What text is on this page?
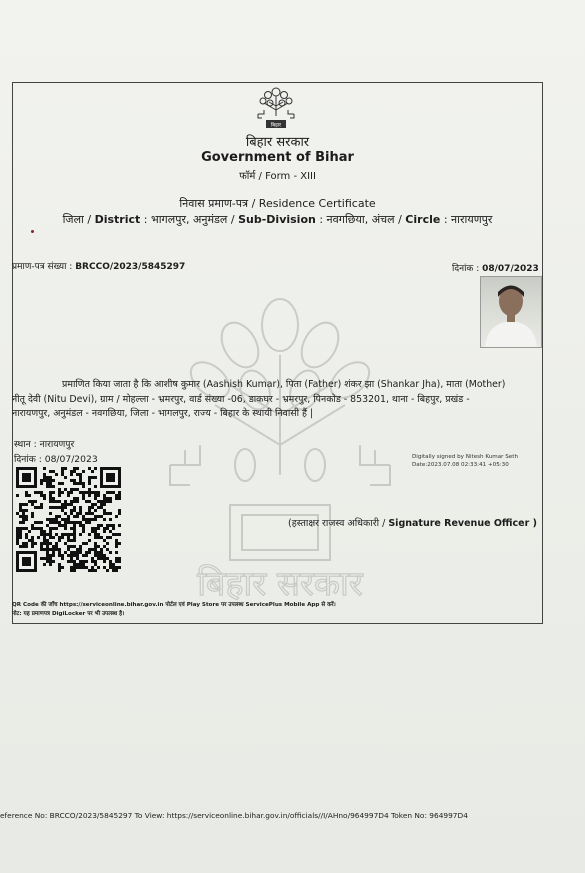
बिहार
बिहार सरकार
Government of Bihar
फॉर्म / Form - XIII
निवास प्रमाण-पत्र / Residence Certificate
जिला / District : भागलपुर, अनुमंडल / Sub-Division : नवगछिया, अंचल / Circle : नारायणपुर
प्रमाण-पत्र संख्या : BRCCO/2023/5845297	दिनांक : 08/07/2023
बिहार सरकार

प्रमाणित किया जाता है कि आशीष कुमार (Aashish Kumar), पिता (Father) शंकर झा (Shankar Jha), माता (Mother)

नीतू देवी (Nitu Devi), ग्राम / मोहल्ला - भ्रमरपुर, वार्ड संख्या -06, डाकघर - भ्रमरपुर, पिनकोड - 853201, थाना - बिहपुर, प्रखंड -

नारायणपुर, अनुमंडल - नवगछिया, जिला - भागलपुर, राज्य - बिहार के स्थायी निवासी हैं |

स्थान : नारायणपुर
दिनांक : 08/07/2023	Digitally signed by Nitesh Kumar Seth
Date:2023.07.08 02:33:41 +05:30
(हस्ताक्षर राजस्व अधिकारी / Signature Revenue Officer )
QR Code की जाँच https://serviceonline.bihar.gov.in पोर्टल एवं Play Store पर उपलब्ध ServicePlus Mobile App से करें।
नोट: यह प्रमाणपत्र DigiLocker पर भी उपलब्ध है।
eference No: BRCCO/2023/5845297 To View: https://serviceonline.bihar.gov.in/officials//I/AHno/964997D4 Token No: 964997D4
